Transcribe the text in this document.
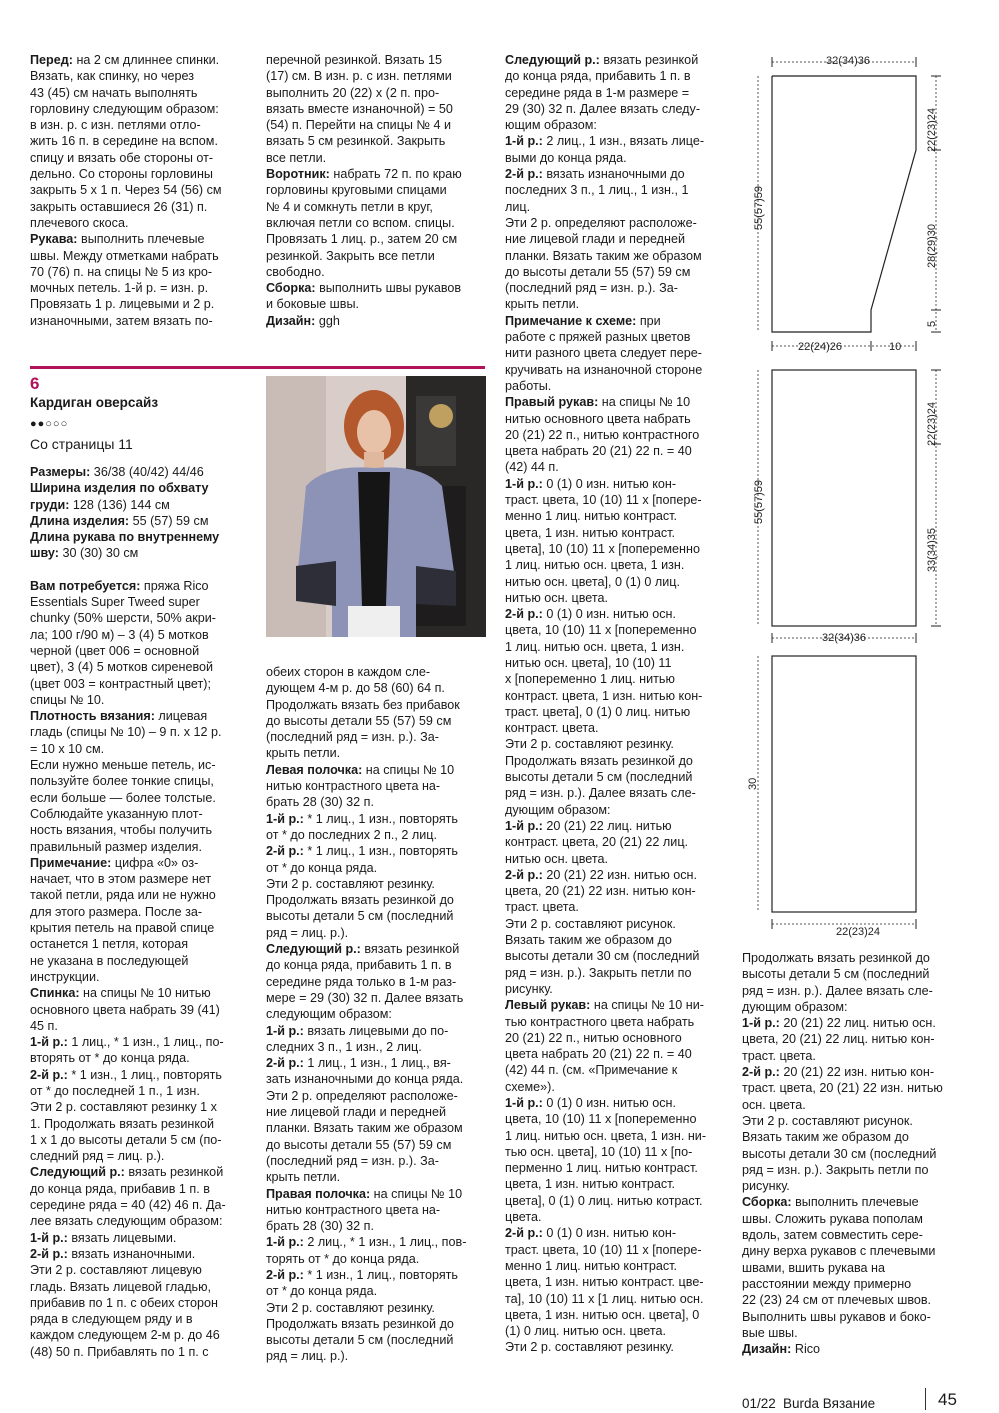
Перед: на 2 см длиннее спинки.

Вязать, как спинку, но через

43 (45) см начать выполнять

горловину следующим образом:

в изн. р. с изн. петлями отло-

жить 16 п. в середине на вспом.

спицу и вязать обе стороны от-

дельно. Со стороны горловины

закрыть 5 х 1 п. Через 54 (56) см

закрыть оставшиеся 26 (31) п.

плечевого скоса.

Рукава: выполнить плечевые

швы. Между отметками набрать

70 (76) п. на спицы № 5 из кро-

мочных петель. 1-й р. = изн. р.

Провязать 1 р. лицевыми и 2 р.

изнаночными, затем вязать по-

6
Кардиган оверсайз
●●○○○
Со страницы 11

Размеры: 36/38 (40/42) 44/46

Ширина изделия по обхвату

груди: 128 (136) 144 см

Длина изделия: 55 (57) 59 см

Длина рукава по внутреннему

шву: 30 (30) 30 см

Вам потребуется: пряжа Rico

Essentials Super Tweed super

chunky (50% шерсти, 50% акри-

ла; 100 г/90 м) – 3 (4) 5 мотков

черной (цвет 006 = основной

цвет), 3 (4) 5 мотков сиреневой

(цвет 003 = контрастный цвет);

спицы № 10.

Плотность вязания: лицевая

гладь (спицы № 10) – 9 п. х 12 р.

= 10 х 10 см.

Если нужно меньше петель, ис-

пользуйте более тонкие спицы,

если больше — более толстые.

Соблюдайте указанную плот-

ность вязания, чтобы получить

правильный размер изделия.

Примечание: цифра «0» оз-

начает, что в этом размере нет

такой петли, ряда или не нужно

для этого размера. После за-

крытия петель на правой спице

останется 1 петля, которая

не указана в последующей

инструкции.

Спинка: на спицы № 10 нитью

основного цвета набрать 39 (41)

45 п.

1-й р.: 1 лиц., * 1 изн., 1 лиц., по-

вторять от * до конца ряда.

2-й р.: * 1 изн., 1 лиц., повторять

от * до последней 1 п., 1 изн.

Эти 2 р. составляют резинку 1 х

1. Продолжать вязать резинкой

1 х 1 до высоты детали 5 см (по-

следний ряд = лиц. р.).

Следующий р.: вязать резинкой

до конца ряда, прибавив 1 п. в

середине ряда = 40 (42) 46 п. Да-

лее вязать следующим образом:

1-й р.: вязать лицевыми.

2-й р.: вязать изнаночными.

Эти 2 р. составляют лицевую

гладь. Вязать лицевой гладью,

прибавив по 1 п. с обеих сторон

ряда в следующем ряду и в

каждом следующем 2-м р. до 46

(48) 50 п. Прибавлять по 1 п. с

перечной резинкой. Вязать 15

(17) см. В изн. р. с изн. петлями

выполнить 20 (22) х (2 п. про-

вязать вместе изнаночной) = 50

(54) п. Перейти на спицы № 4 и

вязать 5 см резинкой. Закрыть

все петли.

Воротник: набрать 72 п. по краю

горловины круговыми спицами

№ 4 и сомкнуть петли в круг,

включая петли со вспом. спицы.

Провязать 1 лиц. р., затем 20 см

резинкой. Закрыть все петли

свободно.

Сборка: выполнить швы рукавов

и боковые швы.

Дизайн: ggh

обеих сторон в каждом сле-

дующем 4-м р. до 58 (60) 64 п.

Продолжать вязать без прибавок

до высоты детали 55 (57) 59 см

(последний ряд = изн. р.). За-

крыть петли.

Левая полочка: на спицы № 10

нитью контрастного цвета на-

брать 28 (30) 32 п.

1-й р.: * 1 лиц., 1 изн., повторять

от * до последних 2 п., 2 лиц.

2-й р.: * 1 лиц., 1 изн., повторять

от * до конца ряда.

Эти 2 р. составляют резинку.

Продолжать вязать резинкой до

высоты детали 5 см (последний

ряд = лиц. р.).

Следующий р.: вязать резинкой

до конца ряда, прибавить 1 п. в

середине ряда только в 1-м раз-

мере = 29 (30) 32 п. Далее вязать

следующим образом:

1-й р.: вязать лицевыми до по-

следних 3 п., 1 изн., 2 лиц.

2-й р.: 1 лиц., 1 изн., 1 лиц., вя-

зать изнаночными до конца ряда.

Эти 2 р. определяют расположе-

ние лицевой глади и передней

планки. Вязать таким же образом

до высоты детали 55 (57) 59 см

(последний ряд = изн. р.). За-

крыть петли.

Правая полочка: на спицы № 10

нитью контрастного цвета на-

брать 28 (30) 32 п.

1-й р.: 2 лиц., * 1 изн., 1 лиц., пов-

торять от * до конца ряда.

2-й р.: * 1 изн., 1 лиц., повторять

от * до конца ряда.

Эти 2 р. составляют резинку.

Продолжать вязать резинкой до

высоты детали 5 см (последний

ряд = лиц. р.).

Следующий р.: вязать резинкой

до конца ряда, прибавить 1 п. в

середине ряда в 1-м размере =

29 (30) 32 п. Далее вязать следу-

ющим образом:

1-й р.: 2 лиц., 1 изн., вязать лице-

выми до конца ряда.

2-й р.: вязать изнаночными до

последних 3 п., 1 лиц., 1 изн., 1

лиц.

Эти 2 р. определяют расположе-

ние лицевой глади и передней

планки. Вязать таким же образом

до высоты детали 55 (57) 59 см

(последний ряд = изн. р.). За-

крыть петли.

Примечание к схеме: при

работе с пряжей разных цветов

нити разного цвета следует пере-

кручивать на изнаночной стороне

работы.

Правый рукав: на спицы № 10

нитью основного цвета набрать

20 (21) 22 п., нитью контрастного

цвета набрать 20 (21) 22 п. = 40

(42) 44 п.

1-й р.: 0 (1) 0 изн. нитью кон-

траст. цвета, 10 (10) 11 х [попере-

менно 1 лиц. нитью контраст.

цвета, 1 изн. нитью контраст.

цвета], 10 (10) 11 х [попеременно

1 лиц. нитью осн. цвета, 1 изн.

нитью осн. цвета], 0 (1) 0 лиц.

нитью осн. цвета.

2-й р.: 0 (1) 0 изн. нитью осн.

цвета, 10 (10) 11 х [попеременно

1 лиц. нитью осн. цвета, 1 изн.

нитью осн. цвета], 10 (10) 11

х [попеременно 1 лиц. нитью

контраст. цвета, 1 изн. нитью кон-

траст. цвета], 0 (1) 0 лиц. нитью

контраст. цвета.

Эти 2 р. составляют резинку.

Продолжать вязать резинкой до

высоты детали 5 см (последний

ряд = изн. р.). Далее вязать сле-

дующим образом:

1-й р.: 20 (21) 22 лиц. нитью

контраст. цвета, 20 (21) 22 лиц.

нитью осн. цвета.

2-й р.: 20 (21) 22 изн. нитью осн.

цвета, 20 (21) 22 изн. нитью кон-

траст. цвета.

Эти 2 р. составляют рисунок.

Вязать таким же образом до

высоты детали 30 см (последний

ряд = изн. р.). Закрыть петли по

рисунку.

Левый рукав: на спицы № 10 ни-

тью контрастного цвета набрать

20 (21) 22 п., нитью основного

цвета набрать 20 (21) 22 п. = 40

(42) 44 п. (см. «Примечание к

схеме»).

1-й р.: 0 (1) 0 изн. нитью осн.

цвета, 10 (10) 11 х [попеременно

1 лиц. нитью осн. цвета, 1 изн. ни-

тью осн. цвета], 10 (10) 11 х [по-

перменно 1 лиц. нитью контраст.

цвета, 1 изн. нитью контраст.

цвета], 0 (1) 0 лиц. нитью котраст.

цвета.

2-й р.: 0 (1) 0 изн. нитью кон-

траст. цвета, 10 (10) 11 х [попере-

менно 1 лиц. нитью контраст.

цвета, 1 изн. нитью контраст. цве-

та], 10 (10) 11 х [1 лиц. нитью осн.

цвета, 1 изн. нитью осн. цвета], 0

(1) 0 лиц. нитью осн. цвета.

Эти 2 р. составляют резинку.

32(34)36
22(23)24
28(29)30
5
55(57)59
22(24)26	10
22(23)24
33(34)35
55(57)59
32(34)36
30
22(23)24

Продолжать вязать резинкой до

высоты детали 5 см (последний

ряд = изн. р.). Далее вязать сле-

дующим образом:

1-й р.: 20 (21) 22 лиц. нитью осн.

цвета, 20 (21) 22 лиц. нитью кон-

траст. цвета.

2-й р.: 20 (21) 22 изн. нитью кон-

траст. цвета, 20 (21) 22 изн. нитью

осн. цвета.

Эти 2 р. составляют рисунок.

Вязать таким же образом до

высоты детали 30 см (последний

ряд = изн. р.). Закрыть петли по

рисунку.

Сборка: выполнить плечевые

швы. Сложить рукава пополам

вдоль, затем совместить сере-

дину верха рукавов с плечевыми

швами, вшить рукава на

расстоянии между примерно

22 (23) 24 см от плечевых швов.

Выполнить швы рукавов и боко-

вые швы.

Дизайн: Rico

01/22 Burda Вязание	45
